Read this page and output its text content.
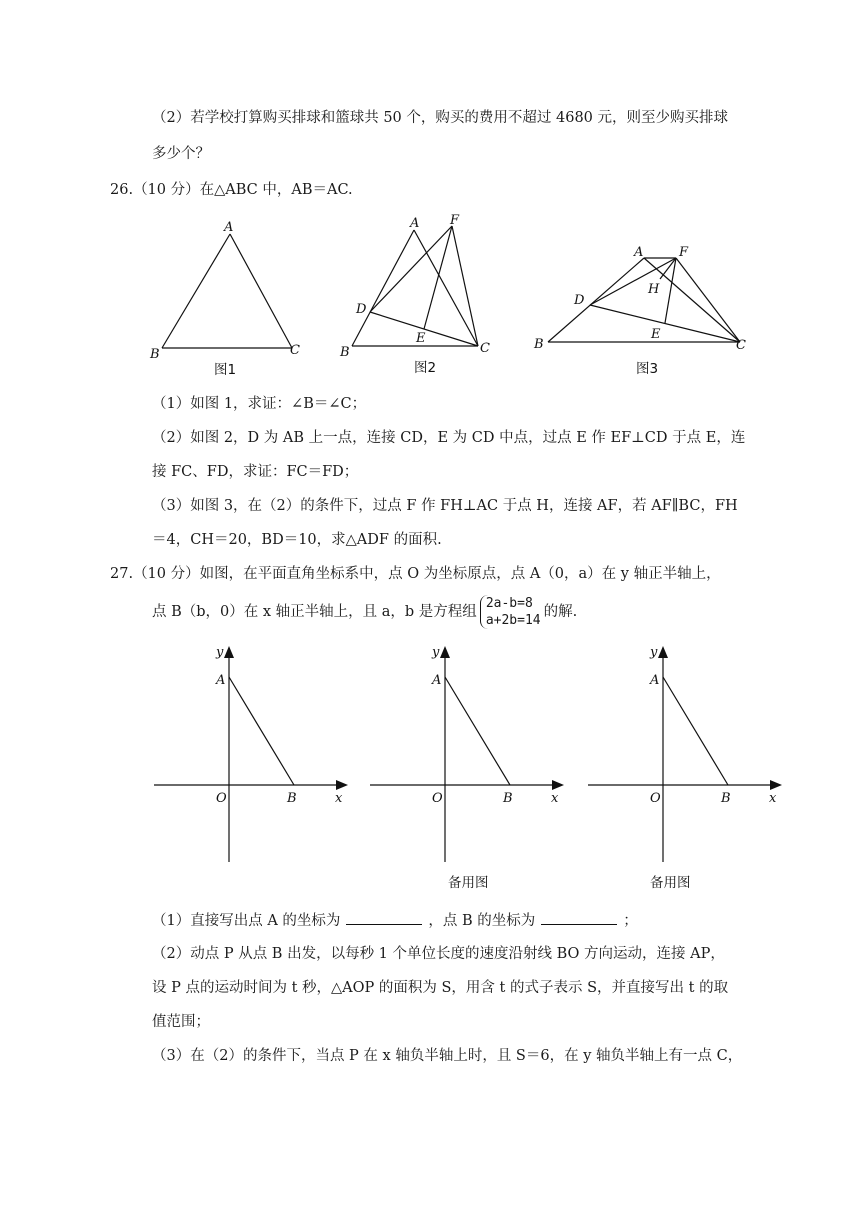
（2）若学校打算购买排球和篮球共 50 个，购买的费用不超过 4680 元，则至少购买排球
多少个？
26.（10 分）在△ABC 中，AB＝AC.
A
B	C
图1
A F
D
E
B	C
图2
A	F
H
D
E
B	C
图3
（1）如图 1，求证：∠B＝∠C；
（2）如图 2，D 为 AB 上一点，连接 CD，E 为 CD 中点，过点 E 作 EF⊥CD 于点 E，连
接 FC、FD，求证：FC＝FD；
（3）如图 3，在（2）的条件下，过点 F 作 FH⊥AC 于点 H，连接 AF，若 AF∥BC，FH
＝4，CH＝20，BD＝10，求△ADF 的面积.
27.（10 分）如图，在平面直角坐标系中，点 O 为坐标原点，点 A（0，a）在 y 轴正半轴上，
点 B（b，0）在 x 轴正半轴上，且 a，b 是方程组2a-b=8
a+2b=14的解.
y
A
O	B	x
y
A
O	B	x
备用图
y
A
O	B	x
备用图
（1）直接写出点 A 的坐标为	，点 B 的坐标为	；
（2）动点 P 从点 B 出发，以每秒 1 个单位长度的速度沿射线 BO 方向运动，连接 AP，
设 P 点的运动时间为 t 秒，△AOP 的面积为 S，用含 t 的式子表示 S，并直接写出 t 的取
值范围；
（3）在（2）的条件下，当点 P 在 x 轴负半轴上时，且 S＝6，在 y 轴负半轴上有一点 C，
